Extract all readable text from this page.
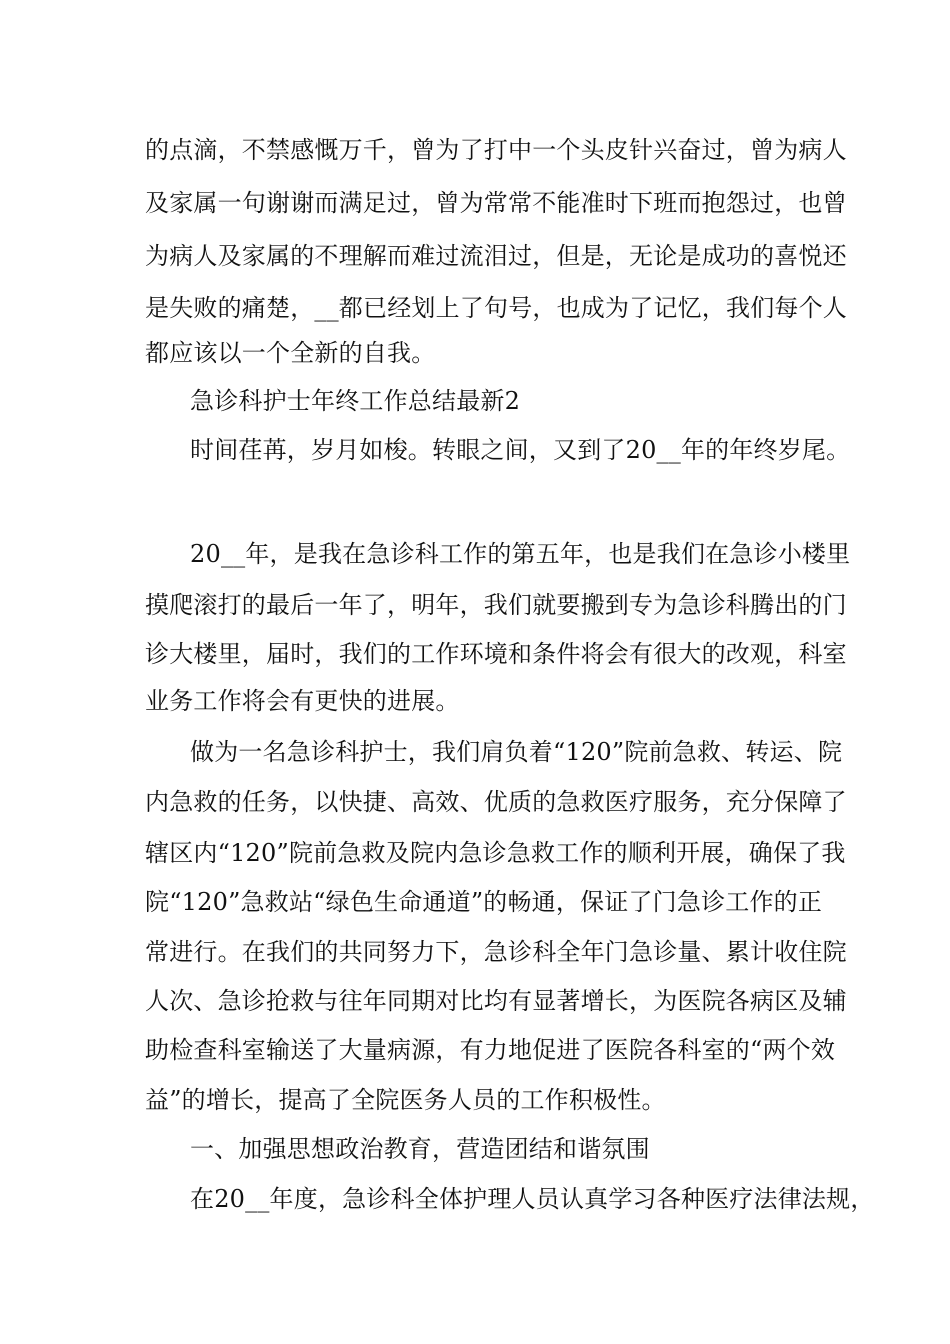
的点滴，不禁感慨万千，曾为了打中一个头皮针兴奋过，曾为病人
及家属一句谢谢而满足过，曾为常常不能准时下班而抱怨过，也曾
为病人及家属的不理解而难过流泪过，但是，无论是成功的喜悦还
是失败的痛楚，__都已经划上了句号，也成为了记忆，我们每个人
都应该以一个全新的自我。
急诊科护士年终工作总结最新2
时间荏苒，岁月如梭。转眼之间，又到了20__年的年终岁尾。
20__年，是我在急诊科工作的第五年，也是我们在急诊小楼里
摸爬滚打的最后一年了，明年，我们就要搬到专为急诊科腾出的门
诊大楼里，届时，我们的工作环境和条件将会有很大的改观，科室
业务工作将会有更快的进展。
做为一名急诊科护士，我们肩负着“120”院前急救、转运、院
内急救的任务，以快捷、高效、优质的急救医疗服务，充分保障了
辖区内“120”院前急救及院内急诊急救工作的顺利开展，确保了我
院“120”急救站“绿色生命通道”的畅通，保证了门急诊工作的正
常进行。在我们的共同努力下，急诊科全年门急诊量、累计收住院
人次、急诊抢救与往年同期对比均有显著增长，为医院各病区及辅
助检查科室输送了大量病源，有力地促进了医院各科室的“两个效
益”的增长，提高了全院医务人员的工作积极性。
一、加强思想政治教育，营造团结和谐氛围
在20__年度，急诊科全体护理人员认真学习各种医疗法律法规，
